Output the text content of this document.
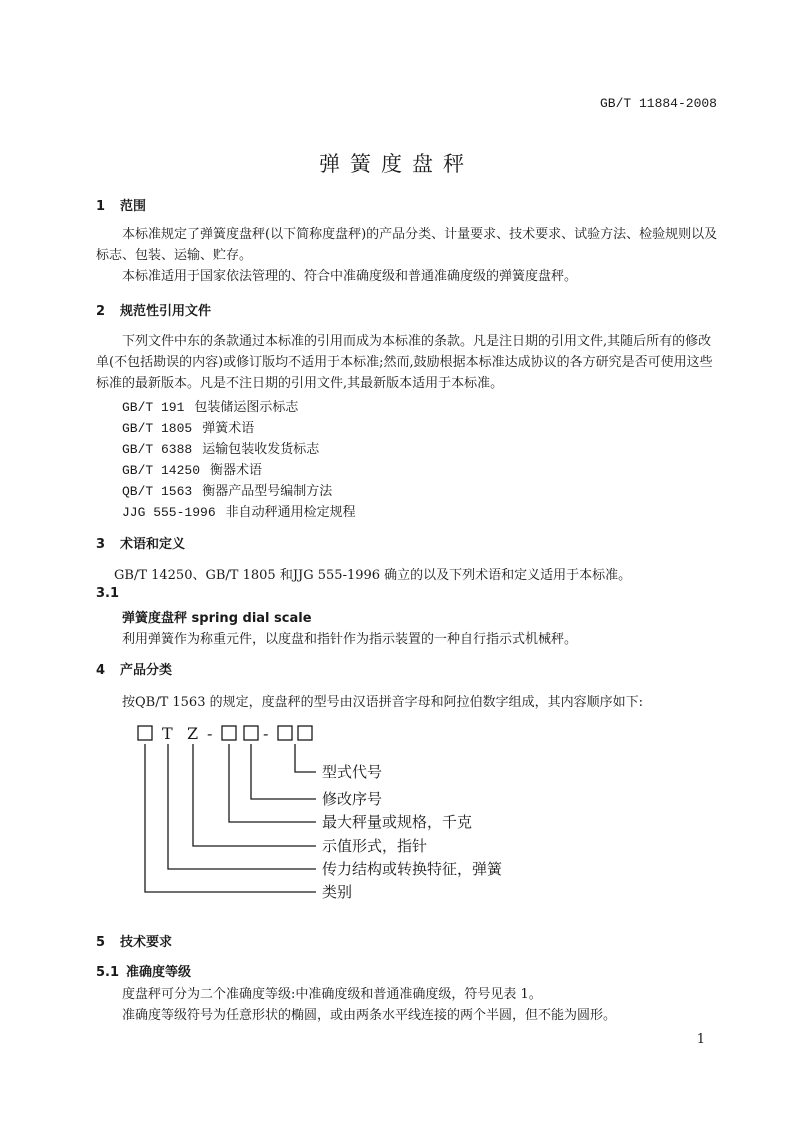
GB/T 11884-2008
弹簧度盘秤
1 范围
本标准规定了弹簧度盘秤(以下简称度盘秤)的产品分类、计量要求、技术要求、试验方法、检验规则以及标志、包装、运输、贮存。
本标准适用于国家依法管理的、符合中准确度级和普通准确度级的弹簧度盘秤。
2 规范性引用文件
下列文件中东的条款通过本标准的引用而成为本标准的条款。凡是注日期的引用文件,其随后所有的修改单(不包括勘误的内容)或修订版均不适用于本标准;然而,鼓励根据本标准达成协议的各方研究是否可使用这些标准的最新版本。凡是不注日期的引用文件,其最新版本适用于本标准。
GB/T 191 包装储运图示标志
GB/T 1805 弹簧术语
GB/T 6388 运输包装收发货标志
GB/T 14250 衡器术语
QB/T 1563 衡器产品型号编制方法
JJG 555-1996 非自动秤通用检定规程
3 术语和定义
GB/T 14250、GB/T 1805 和JJG 555-1996 确立的以及下列术语和定义适用于本标准。
3.1
弹簧度盘秤 spring dial scale
利用弹簧作为称重元件，以度盘和指针作为指示装置的一种自行指示式机械秤。
4 产品分类
按QB/T 1563 的规定，度盘秤的型号由汉语拼音字母和阿拉伯数字组成，其内容顺序如下:
T Z -	-
型式代号
修改序号
最大秤量或规格，千克
示值形式，指针
传力结构或转换特征，弹簧
类别
5 技术要求
5.1 准确度等级
度盘秤可分为二个准确度等级:中准确度级和普通准确度级，符号见表 1。
准确度等级符号为任意形状的椭圆，或由两条水平线连接的两个半圆，但不能为圆形。
1
